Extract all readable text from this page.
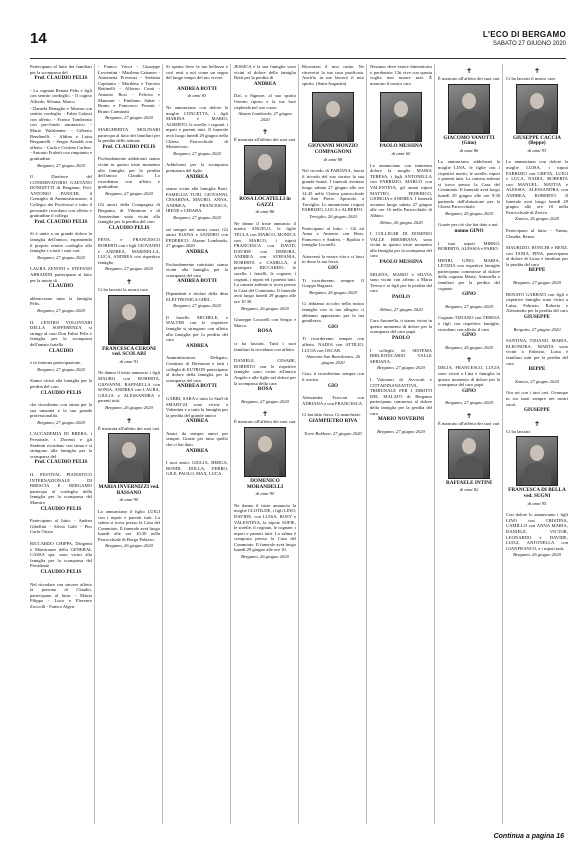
14	L'ECO DI BERGAMO
SABATO 27 GIUGNO 2020

Partecipano al lutto dei familiari per la scomparsa del

Prof. CLAUDIO PELIS

- La cognata Renata Pelis e figli con sentito cordoglio. - Il cugino Alfredo, Silvana, Marco.

- Daniela Benaglio e Marina con sentito cordoglio. - Fabio Galassi con affetto. - Franco Tomberato con pro-fondo rammarico. - Mario Walsbenter. - Gilberto Bendinelli. - Aldino e Luisa Bergamelli. - Sergio Arnaldi con affetto. - Carla e Cristina Carlino. - Antonio Fraletti con rimpianto e gratitudine.

Bergamo, 27 giugno 2020

Il Direttore del CONSERVATORIO GAETANO DONIZETTI di Bergamo, Prof. ANTONIO PANICHI, il Consiglio di Amministrazione, il Collegio dei Professori e tutto il personale ricordano con affetto e gratitudine il collega

Prof. CLAUDIO PELIS

Si è unito a un grande dolore la famiglia dell'amico, esprimendo il proprio sentito cordoglio alla famiglia e a tutti i suoi cari.

Bergamo, 27 giugno 2020

LAURA ZENONI e STEFANO ABBADINI partecipano al lutto per la morte di

CLAUDIO

abbracciano tutta la famiglia Pelis.

Bergamo, 27 giugno 2020

IL CENTRO VOLONTARI DELLA SOFFERENZA si stringe al caro Don Fabio Pelis e famiglia per la scomparsa dell'amato fratello

CLAUDIO

e in fraterna partecipazione.

Bergamo, 27 giugno 2020

Siamo vicini alla famiglia per la perdita del caro

CLAUDIO PELIS

che ricordiamo con stima per la sua umanità e la sua grande professionalità.

Bergamo, 27 giugno 2020

L'ACCADEMIA DI BRERA, i Personale, i Docenti e gli Studenti ricordano con stima e si stringono alla famiglia per la scomparsa del

Prof. CLAUDIO PELIS

IL FESTIVAL PIANISTICO INTERNAZIONALE DI BRESCIA E BERGAMO partecipa al cordoglio della famiglia per la scomparsa del Maestro

CLAUDIO PELIS

Partecipano al lutto: - Andrea Gibellini - Silvia Galli - Pier Carlo Orizio

RICCARDO CHIPPA, Dirigenti e Maestranze della GENERAL CASSA spa, sono vicini alla famiglia per la scomparsa del Presidente

CLAUDIO PELIS

Nel ricordare con sincero affetto la persona di Claudio, partecipano al lutto: - Mattia Pilippa - Luca e Florence Zoccolli - Franco Algeri

- Franco Vacca - Giuseppe Lovrentini - Marilena Cattaneo - Antonietta Provenzi - Stefania Capitanio - Marilena e Tarcisio Bettinelli - Alfonso Conti - Antonio Bosi - Felicita e Mannoni - Emiliano Sabai - Bruno e Francesco Pesenti - Bruno Carminati

Bergamo, 27 giugno 2020

MARGHERITA MOLINARI partecipa al lutto dei familiari per la perdita dello stimato

Prof. CLAUDIO PELIS

Profondamente addolorati siamo vicini in questo triste momento alla famiglia per la perdita dell'amico Claudio. Lo ricordiamo con affetto e gratitudine.

Bergamo, 27 giugno 2020

Gli amici della Compagnia di Bergamo, di Vilminore e di Amsterdam sono vicini alla famiglia per la perdita del caro

CLAUDIO PELIS

FENA e FRANCESCO ROBERTI con i figli GIOVANNI e ANDREA, MARINELLA, LUCA, ANDREA con rispettivo famiglie.

Bergamo, 27 giugno 2020
✝

Ci ha lasciati la nostra cara

FRANCESCA CERONI ved. SCOLARI
di anni 91

Ne danno il triste annuncio i figli MAURO con ROBERTA, GIOVANNI, RAFFAELLA con SONIA, ANDREA con LAURA, GIULIA e ALESSANDRA e parenti tutti.

Bergamo, 26 giugno 2020
✝

È mancata all'affetto dei suoi cari

MARIA INVERNIZZI ved. BASSANO
di anni 90

Lo annunciano il figlio LUIGI con i nipoti e parenti tutti. La salma si trova presso la Casa del Commiato. Il funerale avrà luogo lunedì alle ore 10.30 nella Parrocchiale di Borgo Palazzo.

Bergamo, 26 giugno 2020

Si spenta lieve la tua bellezza e così resti a noi come un segno del lungo tempo del tuo vivere.

ANDREA BOTTI
di anni 83

Ne annunciano con dolore la moglie CONCETTA, i figli MARINA e MARIO, ALBERTO, le sorelle, i cognati, i nipoti e parenti tutti. Il funerale avrà luogo lunedì 29 giugno nella Chiesa Parrocchiale di Monterosso.

Bergamo, 27 giugno 2020

Addolorati per la scomparsa prematura del figlio

ANDREA

siamo vicini alla famiglia Botti. FAMIGLIA TURI, GIOVANNI, CESARINA, MAURO, ANNA, ANDREA, FRANCESCA, IRENE e CHIARA.

Bergamo, 27 giugno 2020

sei sempre nei nostri cuori. Gli amici ELENA e SANDRO con FEDERICO. Alzano Lombardo, 27 giugno 2020

ANDREA

Profondamente rattristati siamo vicini alla famiglia per la scomparsa del caro

ANDREA BOTTI

Dipendenti e titolari della ditta ELETTRONICA GHEL.

Bergamo, 27 giugno 2020

Il fratello MICHELE, e WALTER con le rispettive famiglie si stringono con affetto alla famiglia per la perdita del caro

ANDREA

Amministratore, Delegato, Comitato di Direzione e tutti i colleghi di EUTRON partecipano al dolore della famiglia per la scomparsa del caro

ANDREA BOTTI

GABRI, SARA e tutto lo Staff di SMART-24 sono vicine a Valentina e a tutta la famiglia per la perdita del grande amico

ANDREA

Amici da sempre amici per sempre. Grazie per tutto quello che ci hai dato.

ANDREA

I tuoi amici GIULIA, BERGA, BONDI, DOLLA, FERRO, GILE, PAOLO, MAX, LUCA.

JESSICA e la sua famiglia sono vicini al dolore della famiglia Botti per la perdita di

ANDREA

Dal, o Signore, al suo spirito l'eterno riposo e la tua luce risplenda nel suo cuore.

Alzano Lombardo, 27 giugno 2020
✝

È mancata all'affetto dei suoi cari

ROSA LOCATELLI in GAZZI
di anni 86

Ne danno il triste annuncio il marito ANGELO, le figlie TECLA con MARCO, MONICA con MARCO, i nipoti FRANCESCA con DAVID, DAVIDE con DEBORA, ANDREA con STEFANIA, ROBERTA e CAMILLA, il pronipote RICCARDO, le sorelle, i fratelli, le cognate, i cognati, i nipoti ed i parenti tutti. La camera ardente si trova presso la Casa del Commiato. Il funerale avrà luogo lunedì 29 giugno alle ore 10.30.

Bergamo, 26 giugno 2020

Giuseppe Locatelli con Sergio e Marco.

ROSA

ci ha lasciati. Tutti i suoi familiari la ricordano con affetto.

DANIELE, CESARE, ROBERTO con le rispettive famiglie sono vicini all'amico Angelo e alle figlie nel dolore per la scomparsa della cara

ROSA
Bergamo, 27 giugno 2020
✝

È mancato all'affetto dei suoi cari

DOMENICO MORANDELLI
di anni 90

Ne danno il triste annuncio la moglie CLOTILDE, i figli LINO, DAVIDE, con LUISA, ROSY e VALENTINA, la nipote SOFIE, le sorelle, il cognato, le cognate, i nipoti e parenti tutti. La salma è composta presso la Casa del Commiato. Il funerale avrà luogo lunedì 29 giugno alle ore 10.

Bergamo, 26 giugno 2020

Ritornerai il mio canto. Ne ritroverai la tua casa purificata. Anch'io in me lascerò il mio spirito. (Saint Augustin)

GIOVANNI MONZIO COMPAGNONI
di anni 88

Nel ricordo di FABIANA, lascia il ricordo del suo sorriso la sua grande bontà. I funerali avranno luogo sabato 27 giugno alle ore 14.45 nella Chiesa parrocchiale di San Pietro Apostolo a Treviglio. Lo annunciano i nipoti FABRIZIO, LUCA e ALBERTO.

Treviglio, 26 giugno 2020

Partecipano al lutto: - Gli zii Anna e Antonio con Beas, Francesco e Andrea. - Rpolita e famiglia Locatelli.

Attraversi la nostra vita e ci lasci in dono la tua forza.

GIO

Ti ricorderemo sempre. Il Gruppo Ragazzi.

Bergamo, 26 giugno 2020

Ci abbiamo accolto nella nostra famiglia con la tua allegria, ti abbiamo apprezzato per la tua gentilezza.

GIO

Ti ricorderemo sempre con affetto. NADIA con ATTILIO, LUCIA con OSCAR.

Almenno San Bartolomeo, 26 giugno 2020

Ciao, ti ricorderemo sempre con il sorriso.

GIO

Alessandra Fraccari con ADRIANA e con FRANCESCA.

Ci hai dato forza. Ci mancherai.

GIAMPIETRO RIVA
Torre Boldone, 27 giugno 2020

Nessuno deve essere dimenticato o perdonato; Chi vive con questa voglia non muore mai. È mancato il nostro caro

PAOLO MESSINA
di anni 60

Lo annunciano con immenso dolore la moglie MARIA TERESA, i figli ANTONELLA con FABRIZIO, MARCO con VALENTINA, gli amati nipoti MATTEO, FEDERICO, GIORGIA e ANDREA. I funerali avranno luogo sabato 27 giugno alle ore 16 nella Parrocchiale di Albino.

Albino, 26 giugno 2020

I COLLEGHI DI DOMINIO VALLE BREMBANA sono vicini in questo triste momento alla famiglia per la scomparsa del caro

PAOLO MESSINA

MILENA, MARIO e SILVIA sono vicini con affetto a Maria Teresa e ai figli per la perdita del caro

PAOLO
Albino, 27 giugno 2020

Cara Antonella, ti siamo vicini in questo momento di dolore per la scomparsa del caro papà.

PAOLO

I colleghi di SISTEMA BIBLIOTECARIO VALLE SERIANA.

Bergamo, 27 giugno 2020

I Volontari di Avvocati e CITTADINANZATTIVA, TRIBUNALE PER I DIRITTI DEL MALATO di Bergamo partecipano commossi al dolore della famiglia per la perdita del caro

MARIO NOVERINI
Bergamo, 27 giugno 2020
✝

È mancato all'affetto dei suoi cari

GIACOMO VANOTTI (Gino)
di anni 86

Lo annunciano addolorati la moglie LINA, le figlie con i rispettivi mariti, le sorelle, nipoti e parenti tutti. La camera ardente si trova presso la Casa del Commiato. Il funerale avrà luogo lunedì 29 giugno alle ore 9.30 partendo dall'abitazione per la Chiesa Parrocchiale.

Bergamo, 26 giugno 2020

Grazie per ciò che hai dato a noi.

nonno GINO

I tuoi nipoti MIRKO, ROBERTO, ALESSIA e FABIO.

HENRI, GINO, MARIA, LETIZIA con rispettive famiglie partecipano commosse al dolore della cognata Maria, Antonella e familiari per la perdita del cognato

GINO
Bergamo, 27 giugno 2020

Cognato TIZIANO con TERESA e figli con rispettive famiglie, ricordano con affetto il caro

GINO
Bergamo, 26 giugno 2020
✝

DELIA, FRANCESCO, LUCIA sono vicini a Lina e famiglia in questo momento di dolore per la scomparsa del caro papà

GINO
Bergamo, 27 giugno 2020
✝

È mancato all'affetto dei suoi cari

RAFFAELE INTINI
di anni 82
✝

Ci ha lasciati il nostro caro

GIUSEPPE CACCIA (Beppe)
di anni 93

Lo annunciano con dolore la moglie LUISA, i nipoti FABRIZIO con GRETA, LUIGI e LUCA, NADIA, ROBERTA con MANUEL, MATTIA e ALESSIA, ALESSANDRA con ANDREA, ROBERTO. Il funerale avrà luogo lunedì 29 giugno alle ore 10 nella Parrocchiale di Zerivo.

Zanica, 26 giugno 2020

Partecipano al lutto: - Vanna, Claudia, Renzo

MAURIZIO, RONCHI e BENZ, con TANIA, PINA, partecipano al dolore di Luisa e familiari per la perdita del caro

BEPPE
Bergamo, 27 giugno 2020

RENATO GARBATI con figli e rispettive famiglie sono vicini a Luisa, Fabrizio, Roberta e Alessandro per la perdita del caro

GIUSEPPE
Bergotto, 27 giugno 2020

SANTINA, TIZIANO, MARIA, ELEONORA, MARTA sono vicini a Fabrizio, Luisa e familiari tutti per la perdita del caro

BEPPE
Zanica, 27 giugno 2020

Ora sei con i tuoi cari. Ovunque tu sia sarai sempre nei nostri cuori.

GIUSEPPE
✝

Ci ha lasciati

FRANCESCA DI BELLA ved. SUGNI
di anni 95

Con dolore lo annunciano i figli LINO con CRISTINA, CAMILLO con ANNA MARIA, DANIELE, VICTOR, LEONARDO e DAVIDE, LUIGI, ANTONELLA con GIANFRANCO, e i nipoti tutti.

Bergamo, 26 giugno 2020
Continua a pagina 16
